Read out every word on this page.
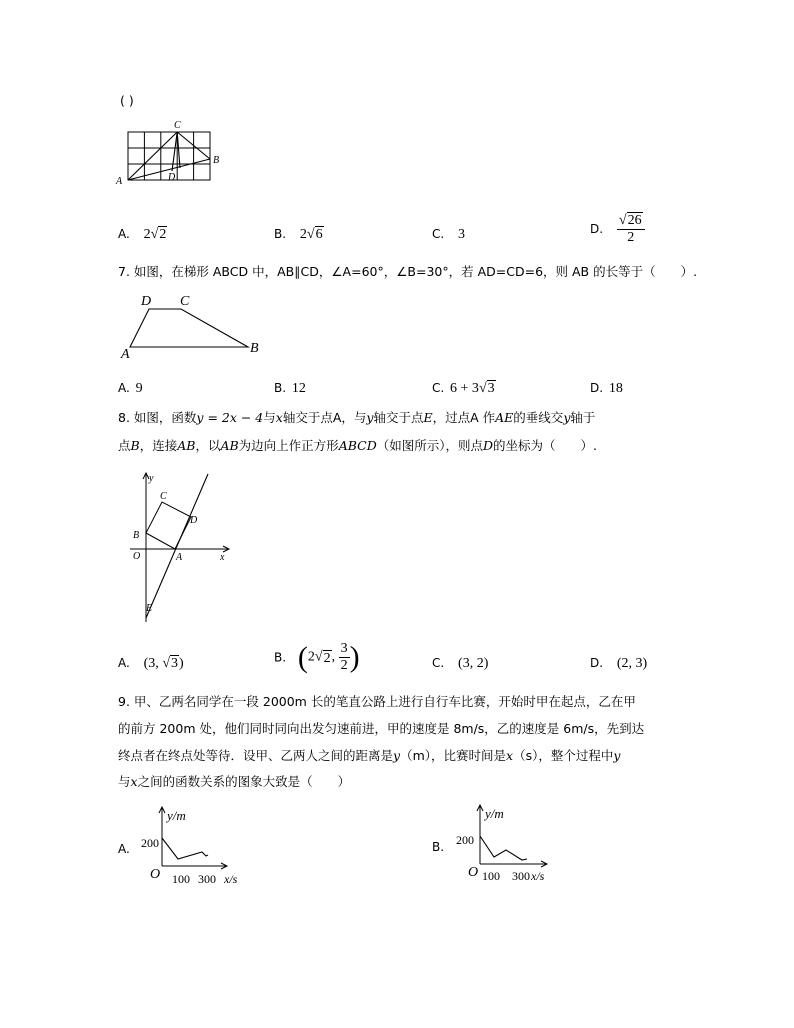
( )
C
B
A	D
A. 2√2	B. 2√6	C. 3	D. $\frac{√26}{2}$
7. 如图，在梯形 ABCD 中，AB∥CD，∠A=60°，∠B=30°，若 AD=CD=6，则 AB 的长等于（　　）.
D C
A	B
A. 9	B. 12	C. 6 + 3√3	D. 18
8. 如图，函数y = 2x − 4与x轴交于点A，与y轴交于点E，过点A 作AE的垂线交y轴于
点B，连接AB，以AB为边向上作正方形ABCD（如图所示），则点D的坐标为（　　）.
y
x
C
D
B
O	A
E
A. (3, √3)	B. (2√2, $\frac{3}{2}$ )	C. (3, 2)	D. (2, 3)
9. 甲、乙两名同学在一段 2000m 长的笔直公路上进行自行车比赛，开始时甲在起点，乙在甲
的前方 200m 处，他们同时同向出发匀速前进，甲的速度是 8m/s，乙的速度是 6m/s，先到达
终点者在终点处等待．设甲、乙两人之间的距离是y（m），比赛时间是x（s），整个过程中y
与x之间的函数关系的图象大致是（　　）
A.
y/m
200
O 100 300 x/s
B.
y/m
200
O 100 300 x/s
